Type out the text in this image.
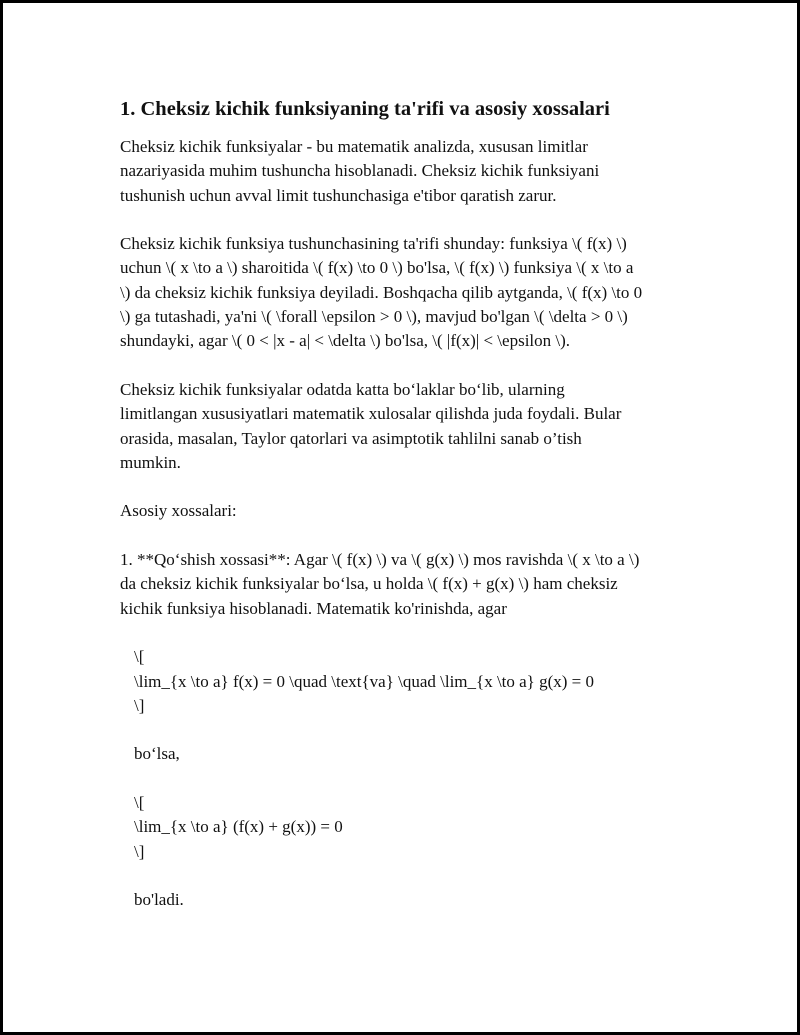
1. Cheksiz kichik funksiyaning ta'rifi va asosiy xossalari
Cheksiz kichik funksiyalar - bu matematik analizda, xususan limitlar
nazariyasida muhim tushuncha hisoblanadi. Cheksiz kichik funksiyani
tushunish uchun avval limit tushunchasiga e'tibor qaratish zarur.
Cheksiz kichik funksiya tushunchasining ta'rifi shunday: funksiya \( f(x) \)
uchun \( x \to a \) sharoitida \( f(x) \to 0 \) bo'lsa, \( f(x) \) funksiya \( x \to a
\) da cheksiz kichik funksiya deyiladi. Boshqacha qilib aytganda, \( f(x) \to 0
\) ga tutashadi, ya'ni \( \forall \epsilon > 0 \), mavjud bo'lgan \( \delta > 0 \)
shundayki, agar \( 0 < |x - a| < \delta \) bo'lsa, \( |f(x)| < \epsilon \).
Cheksiz kichik funksiyalar odatda katta bo‘laklar bo‘lib, ularning
limitlangan xususiyatlari matematik xulosalar qilishda juda foydali. Bular
orasida, masalan, Taylor qatorlari va asimptotik tahlilni sanab o’tish
mumkin.
Asosiy xossalari:
1. **Qo‘shish xossasi**: Agar \( f(x) \) va \( g(x) \) mos ravishda \( x \to a \)
da cheksiz kichik funksiyalar bo‘lsa, u holda \( f(x) + g(x) \) ham cheksiz
kichik funksiya hisoblanadi. Matematik ko'rinishda, agar
\[
\lim_{x \to a} f(x) = 0 \quad \text{va} \quad \lim_{x \to a} g(x) = 0
\]
bo‘lsa,
\[
\lim_{x \to a} (f(x) + g(x)) = 0
\]
bo'ladi.
